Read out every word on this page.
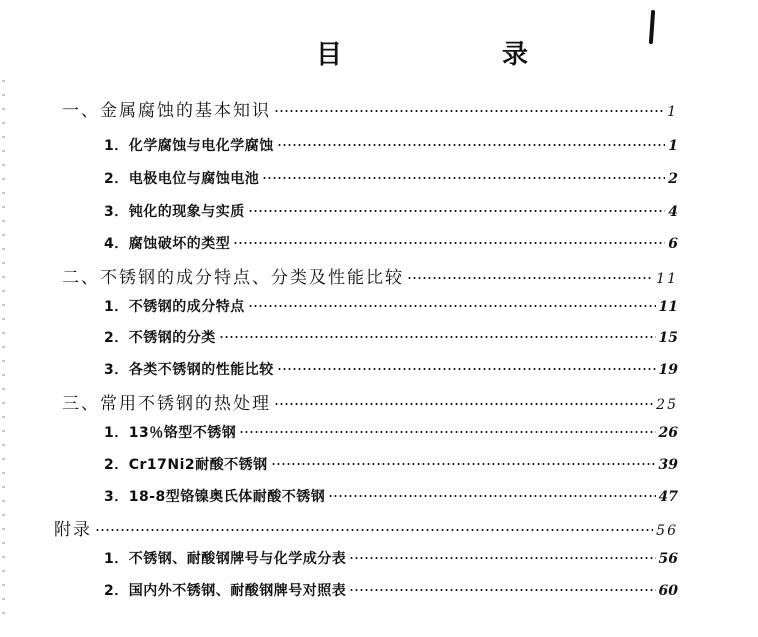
目　　录
一、金属腐蚀的基本知识	1
1．化学腐蚀与电化学腐蚀	1
2．电极电位与腐蚀电池	2
3．钝化的现象与实质	4
4．腐蚀破坏的类型	6
二、不锈钢的成分特点、分类及性能比较	11
1．不锈钢的成分特点	11
2．不锈钢的分类	15
3．各类不锈钢的性能比较	19
三、常用不锈钢的热处理	25
1．13％铬型不锈钢	26
2．Cr17Ni2耐酸不锈钢	39
3．18-8型铬镍奥氏体耐酸不锈钢	47
附录	56
1．不锈钢、耐酸钢牌号与化学成分表	56
2．国内外不锈钢、耐酸钢牌号对照表	60
